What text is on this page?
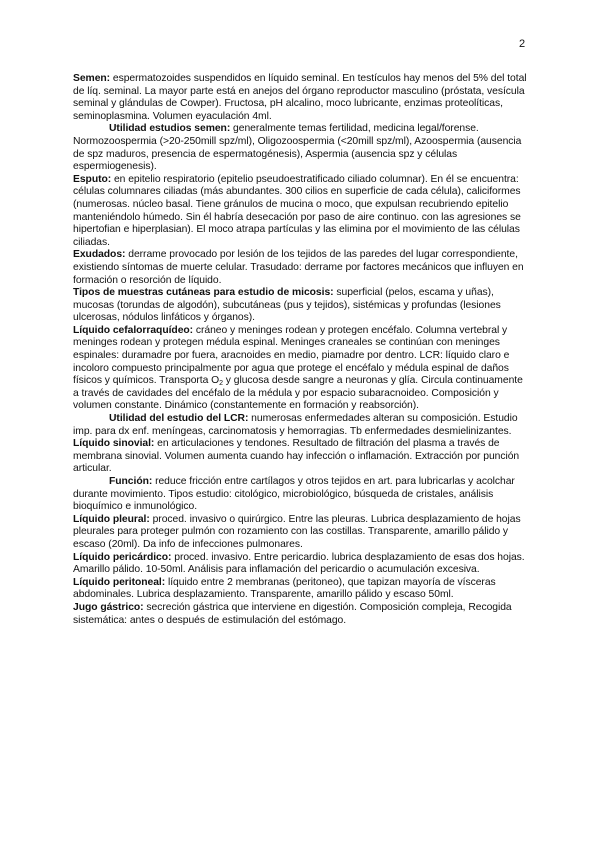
2

Semen: espermatozoides suspendidos en líquido seminal. En testículos hay menos del 5% del total de líq. seminal. La mayor parte está en anejos del órgano reproductor masculino (próstata, vesícula seminal y glándulas de Cowper). Fructosa, pH alcalino, moco lubricante, enzimas proteolíticas, seminoplasmina. Volumen eyaculación 4ml.

Utilidad estudios semen: generalmente temas fertilidad, medicina legal/forense. Normozoospermia (>20-250mill spz/ml), Oligozoospermia (<20mill spz/ml), Azoospermia (ausencia de spz maduros, presencia de espermatogénesis), Aspermia (ausencia spz y células espermiogenesis).

Esputo: en epitelio respiratorio (epitelio pseudoestratificado ciliado columnar). En él se encuentra: células columnares ciliadas (más abundantes. 300 cilios en superficie de cada célula), caliciformes (numerosas. núcleo basal. Tiene gránulos de mucina o moco, que expulsan recubriendo epitelio manteniéndolo húmedo. Sin él habría desecación por paso de aire continuo. con las agresiones se hipertofian e hiperplasian). El moco atrapa partículas y las elimina por el movimiento de las células ciliadas.

Exudados: derrame provocado por lesión de los tejidos de las paredes del lugar correspondiente, existiendo síntomas de muerte celular. Trasudado: derrame por factores mecánicos que influyen en formación o resorción de líquido.

Tipos de muestras cutáneas para estudio de micosis: superficial (pelos, escama y uñas), mucosas (torundas de algodón), subcutáneas (pus y tejidos), sistémicas y profundas (lesiones ulcerosas, nódulos linfáticos y órganos).

Líquido cefalorraquídeo: cráneo y meninges rodean y protegen encéfalo. Columna vertebral y meninges rodean y protegen médula espinal. Meninges craneales se continúan con meninges espinales: duramadre por fuera, aracnoides en medio, piamadre por dentro. LCR: líquido claro e incoloro compuesto principalmente por agua que protege el encéfalo y médula espinal de daños físicos y químicos. Transporta $O_2$ y glucosa desde sangre a neuronas y glía. Circula continuamente a través de cavidades del encéfalo de la médula y por espacio subaracnoideo. Composición y volumen constante. Dinámico (constantemente en formación y reabsorción).

Utilidad del estudio del LCR: numerosas enfermedades alteran su composición. Estudio imp. para dx enf. meníngeas, carcinomatosis y hemorragias. Tb enfermedades desmielinizantes.

Líquido sinovial: en articulaciones y tendones. Resultado de filtración del plasma a través de membrana sinovial. Volumen aumenta cuando hay infección o inflamación. Extracción por punción articular.

Función: reduce fricción entre cartílagos y otros tejidos en art. para lubricarlas y acolchar durante movimiento. Tipos estudio: citológico, microbiológico, búsqueda de cristales, análisis bioquímico e inmunológico.

Líquido pleural: proced. invasivo o quirúrgico. Entre las pleuras. Lubrica desplazamiento de hojas pleurales para proteger pulmón con rozamiento con las costillas. Transparente, amarillo pálido y escaso (20ml). Da info de infecciones pulmonares.

Líquido pericárdico: proced. invasivo. Entre pericardio. lubrica desplazamiento de esas dos hojas. Amarillo pálido. 10-50ml. Análisis para inflamación del pericardio o acumulación excesiva.

Líquido peritoneal: líquido entre 2 membranas (peritoneo), que tapizan mayoría de vísceras abdominales. Lubrica desplazamiento. Transparente, amarillo pálido y escaso 50ml.

Jugo gástrico: secreción gástrica que interviene en digestión. Composición compleja, Recogida sistemática: antes o después de estimulación del estómago.
